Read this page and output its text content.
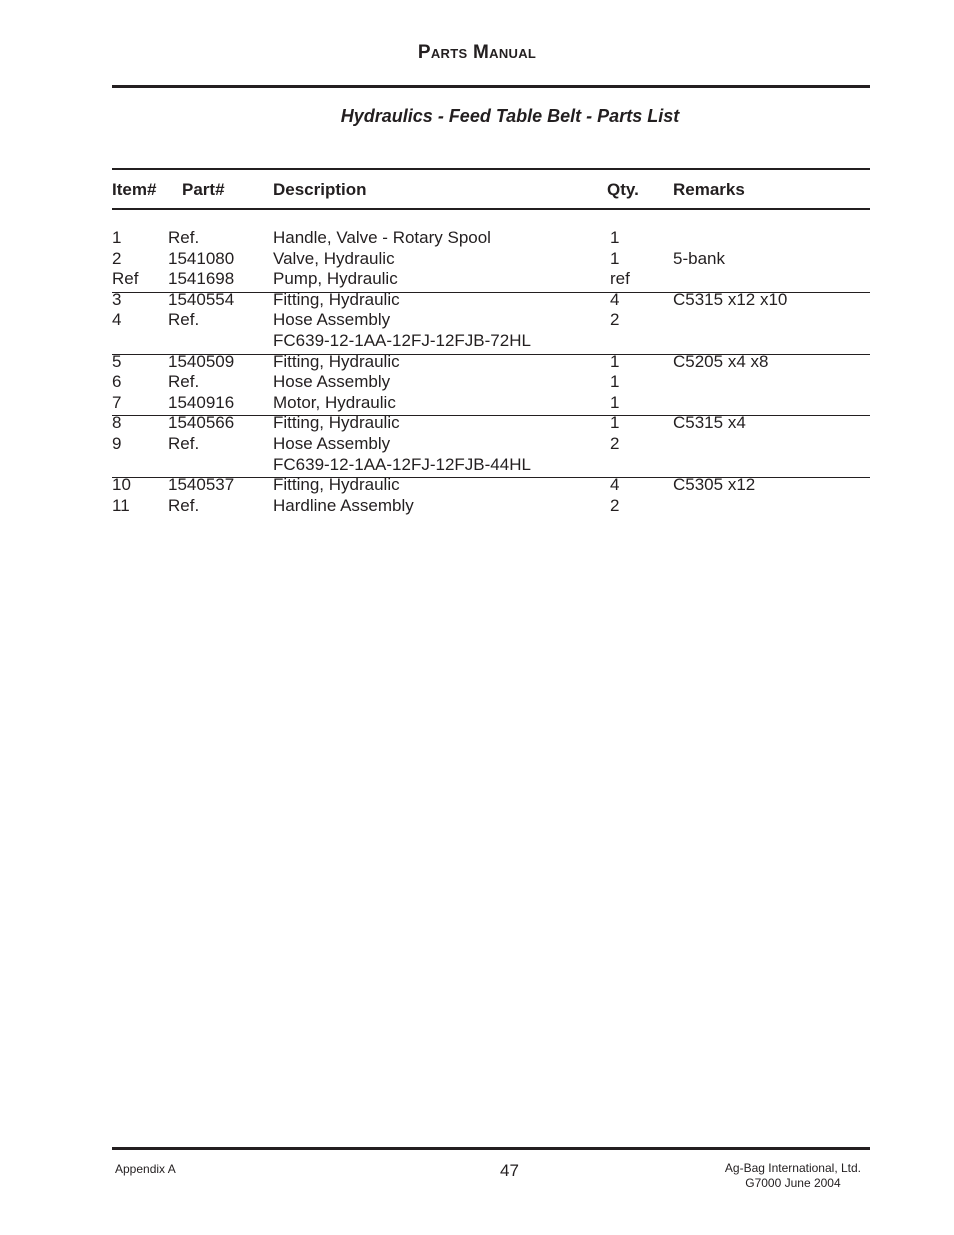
Parts Manual
Hydraulics - Feed Table Belt - Parts List
Item# Part#	Description	Qty. Remarks
1	Ref.	Handle, Valve - Rotary Spool	1
2	1541080 Valve, Hydraulic	1	5-bank
Ref 1541698 Pump, Hydraulic	ref
3	1540554 Fitting, Hydraulic	4	C5315 x12 x10
4	Ref.	Hose Assembly	2
FC639-12-1AA-12FJ-12FJB-72HL
5	1540509 Fitting, Hydraulic	1	C5205 x4 x8
6	Ref.	Hose Assembly	1
7	1540916 Motor, Hydraulic	1
8	1540566 Fitting, Hydraulic	1	C5315 x4
9	Ref.	Hose Assembly	2
FC639-12-1AA-12FJ-12FJB-44HL
10 1540537 Fitting, Hydraulic	4	C5305 x12
11 Ref.	Hardline Assembly	2
Appendix A	47	Ag-Bag International, Ltd.
G7000 June 2004
